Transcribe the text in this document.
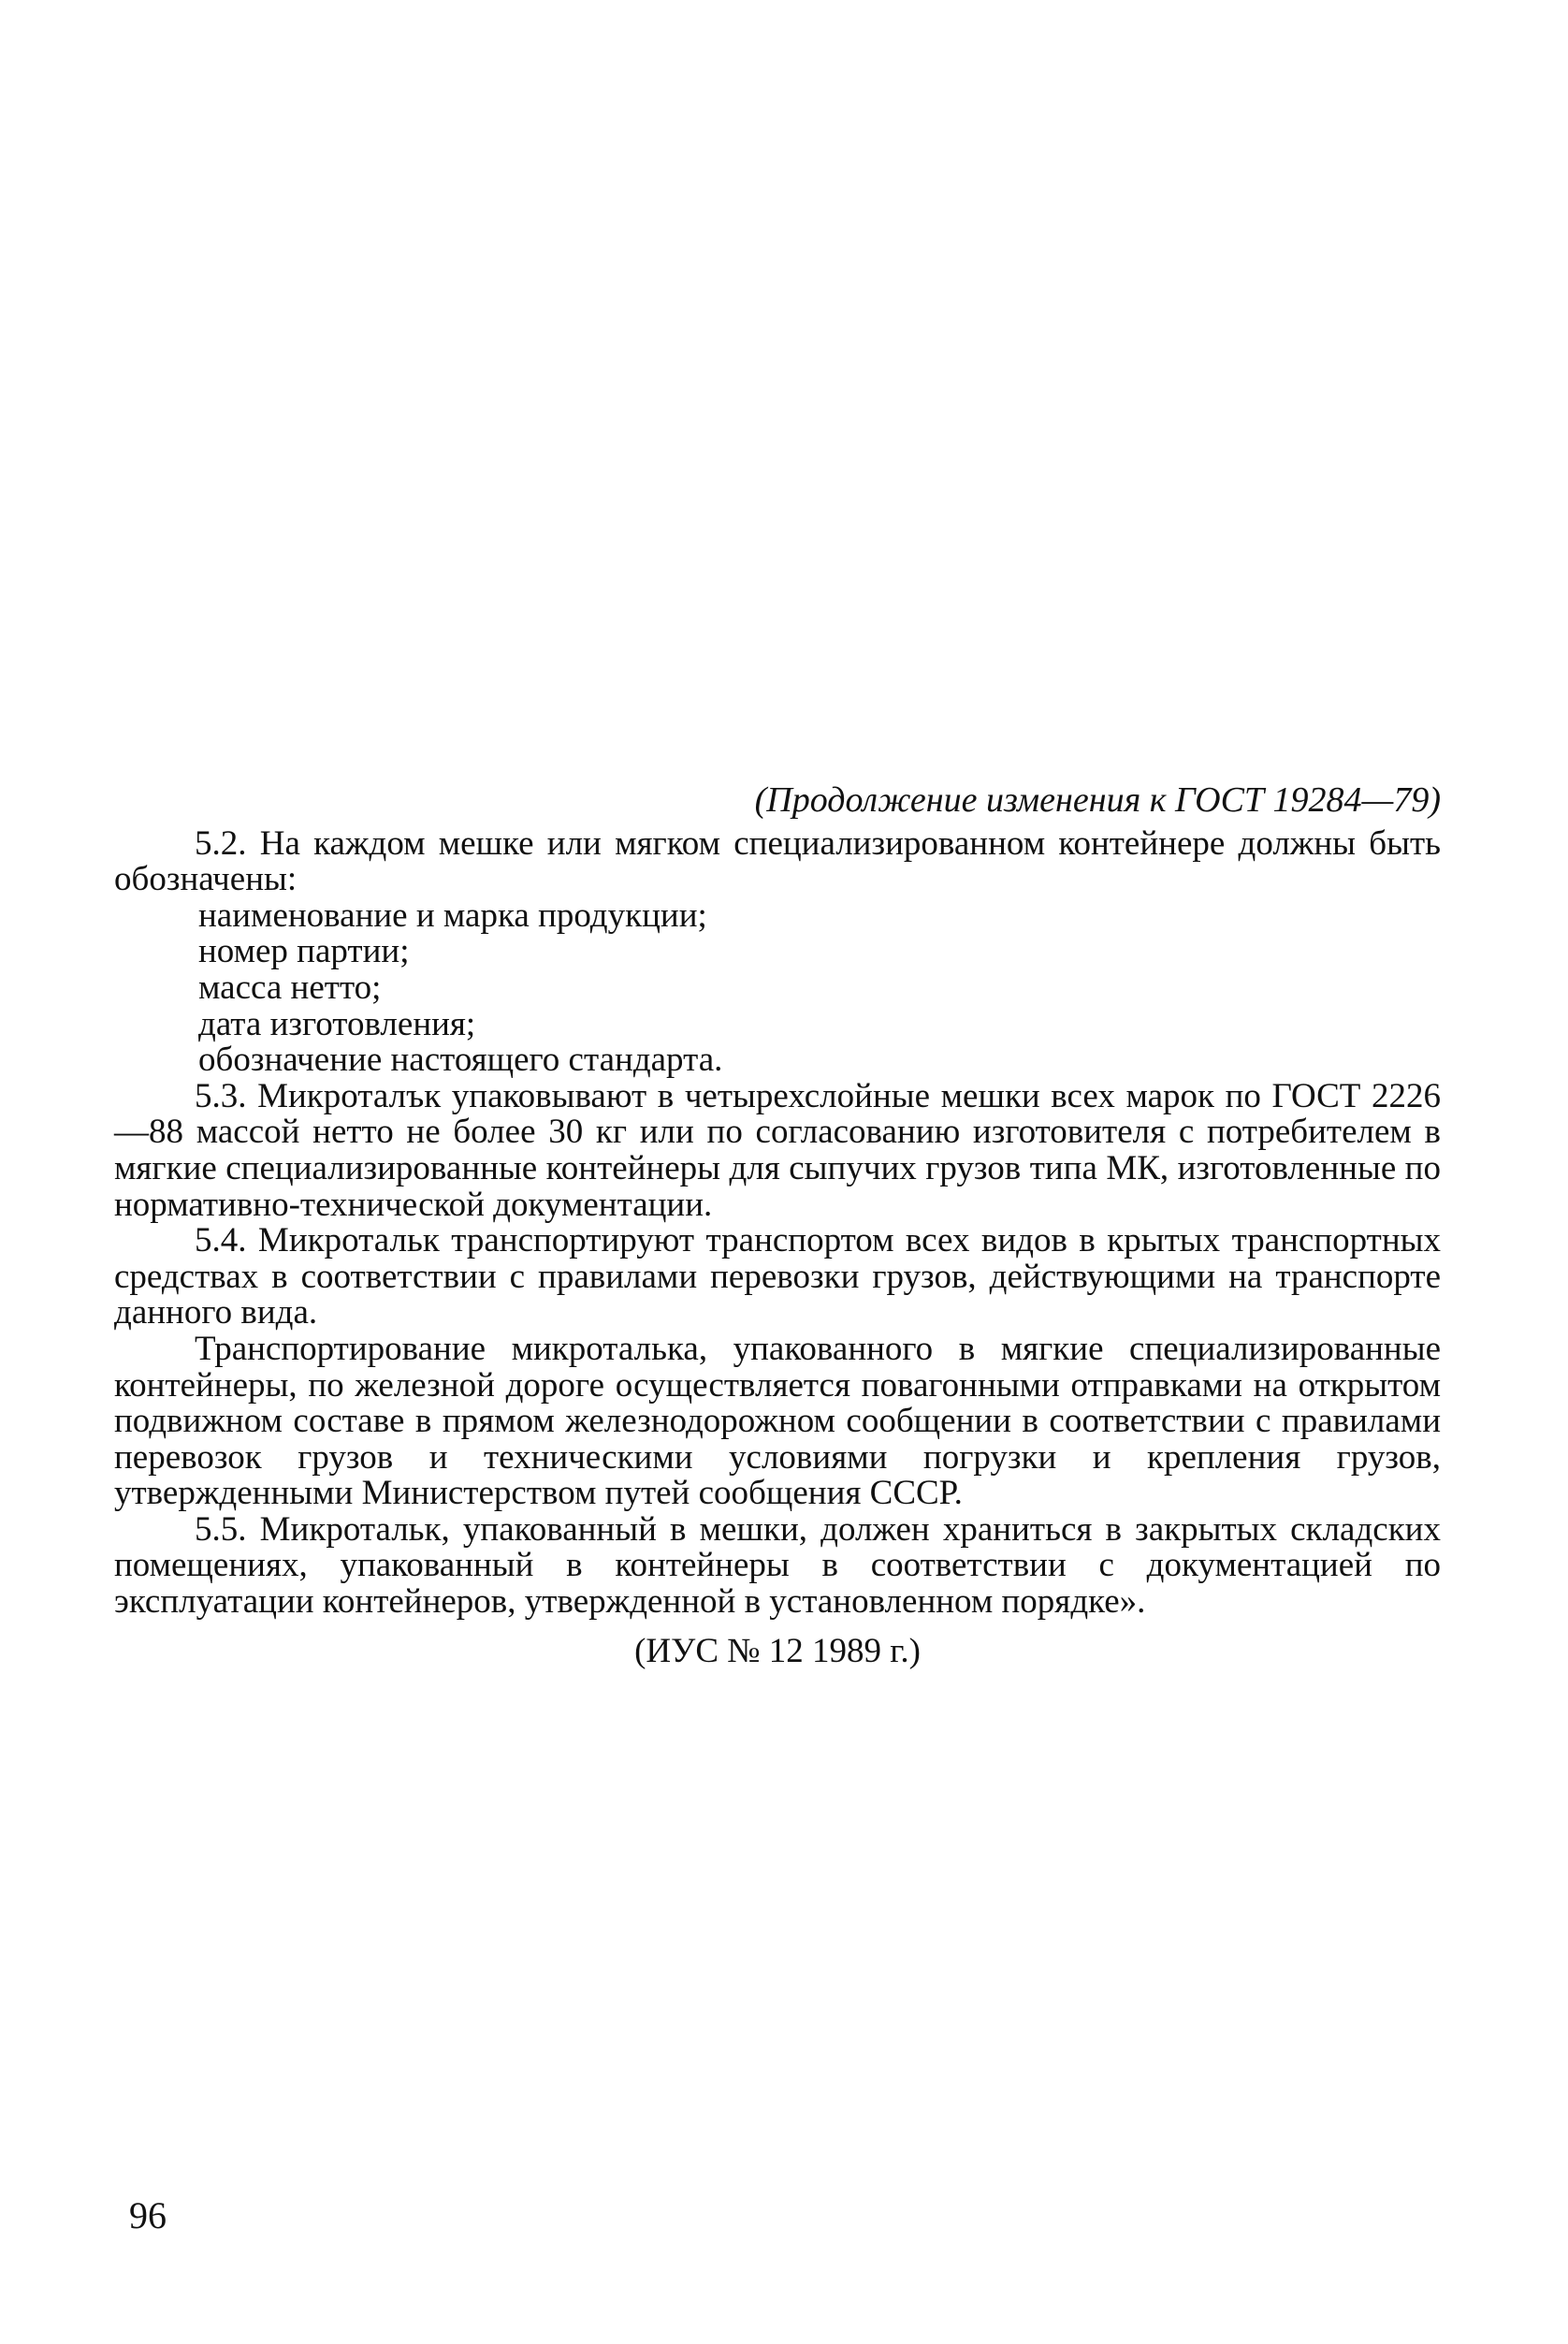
(Продолжение изменения к ГОСТ 19284—79)

5.2. На каждом мешке или мягком специализированном контейнере должны быть обозначены:

наименование и марка продукции;

номер партии;

масса нетто;

дата изготовления;

обозначение настоящего стандарта.

5.3. Микроталък упаковывают в четырехслойные мешки всех марок по ГОСТ 2226—88 массой нетто не более 30 кг или по согласованию изготовителя с потребителем в мягкие специализированные контейнеры для сыпучих грузов типа МК, изготовленные по нормативно-технической документации.

5.4. Микротальк транспортируют транспортом всех видов в крытых транспортных средствах в соответствии с правилами перевозки грузов, действующими на транспорте данного вида.

Транспортирование микроталька, упакованного в мягкие специализированные контейнеры, по железной дороге осуществляется повагонными отправками на открытом подвижном составе в прямом железнодорожном сообщении в соответствии с правилами перевозок грузов и техническими условиями погрузки и крепления грузов, утвержденными Министерством путей сообщения СССР.

5.5. Микротальк, упакованный в мешки, должен храниться в закрытых складских помещениях, упакованный в контейнеры в соответствии с документацией по эксплуатации контейнеров, утвержденной в установленном порядке».

(ИУС № 12 1989 г.)

96
